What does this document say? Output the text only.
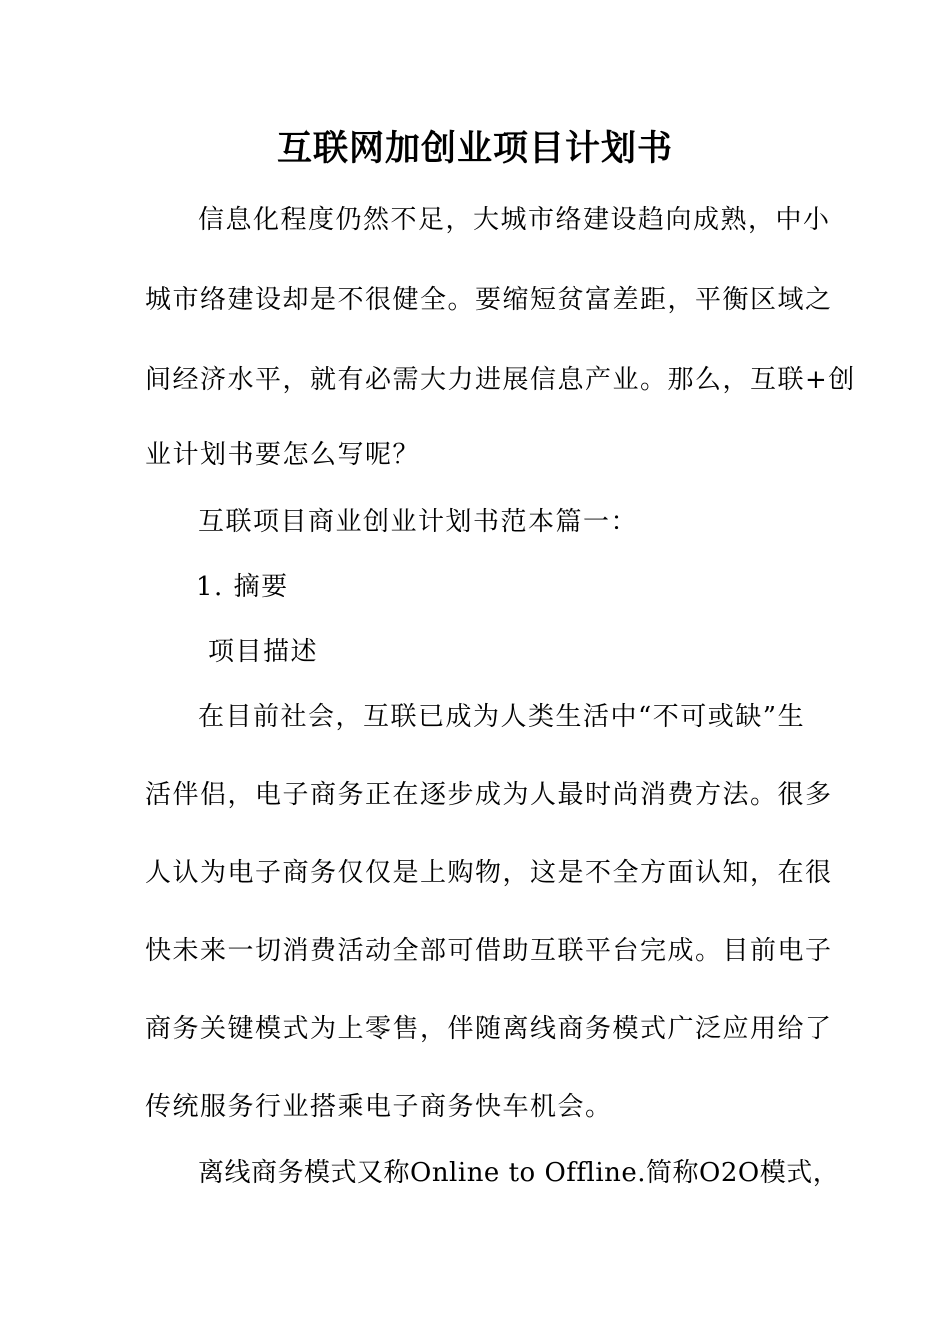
互联网加创业项目计划书
信息化程度仍然不足，大城市络建设趋向成熟，中小
城市络建设却是不很健全。要缩短贫富差距，平衡区域之
间经济水平，就有必需大力进展信息产业。那么，互联+创
业计划书要怎么写呢？
互联项目商业创业计划书范本篇一：
1. 摘要
项目描述
在目前社会，互联已成为人类生活中“不可或缺”生
活伴侣，电子商务正在逐步成为人最时尚消费方法。很多
人认为电子商务仅仅是上购物，这是不全方面认知，在很
快未来一切消费活动全部可借助互联平台完成。目前电子
商务关键模式为上零售，伴随离线商务模式广泛应用给了
传统服务行业搭乘电子商务快车机会。
离线商务模式又称Online to Offline.简称O2O模式，
